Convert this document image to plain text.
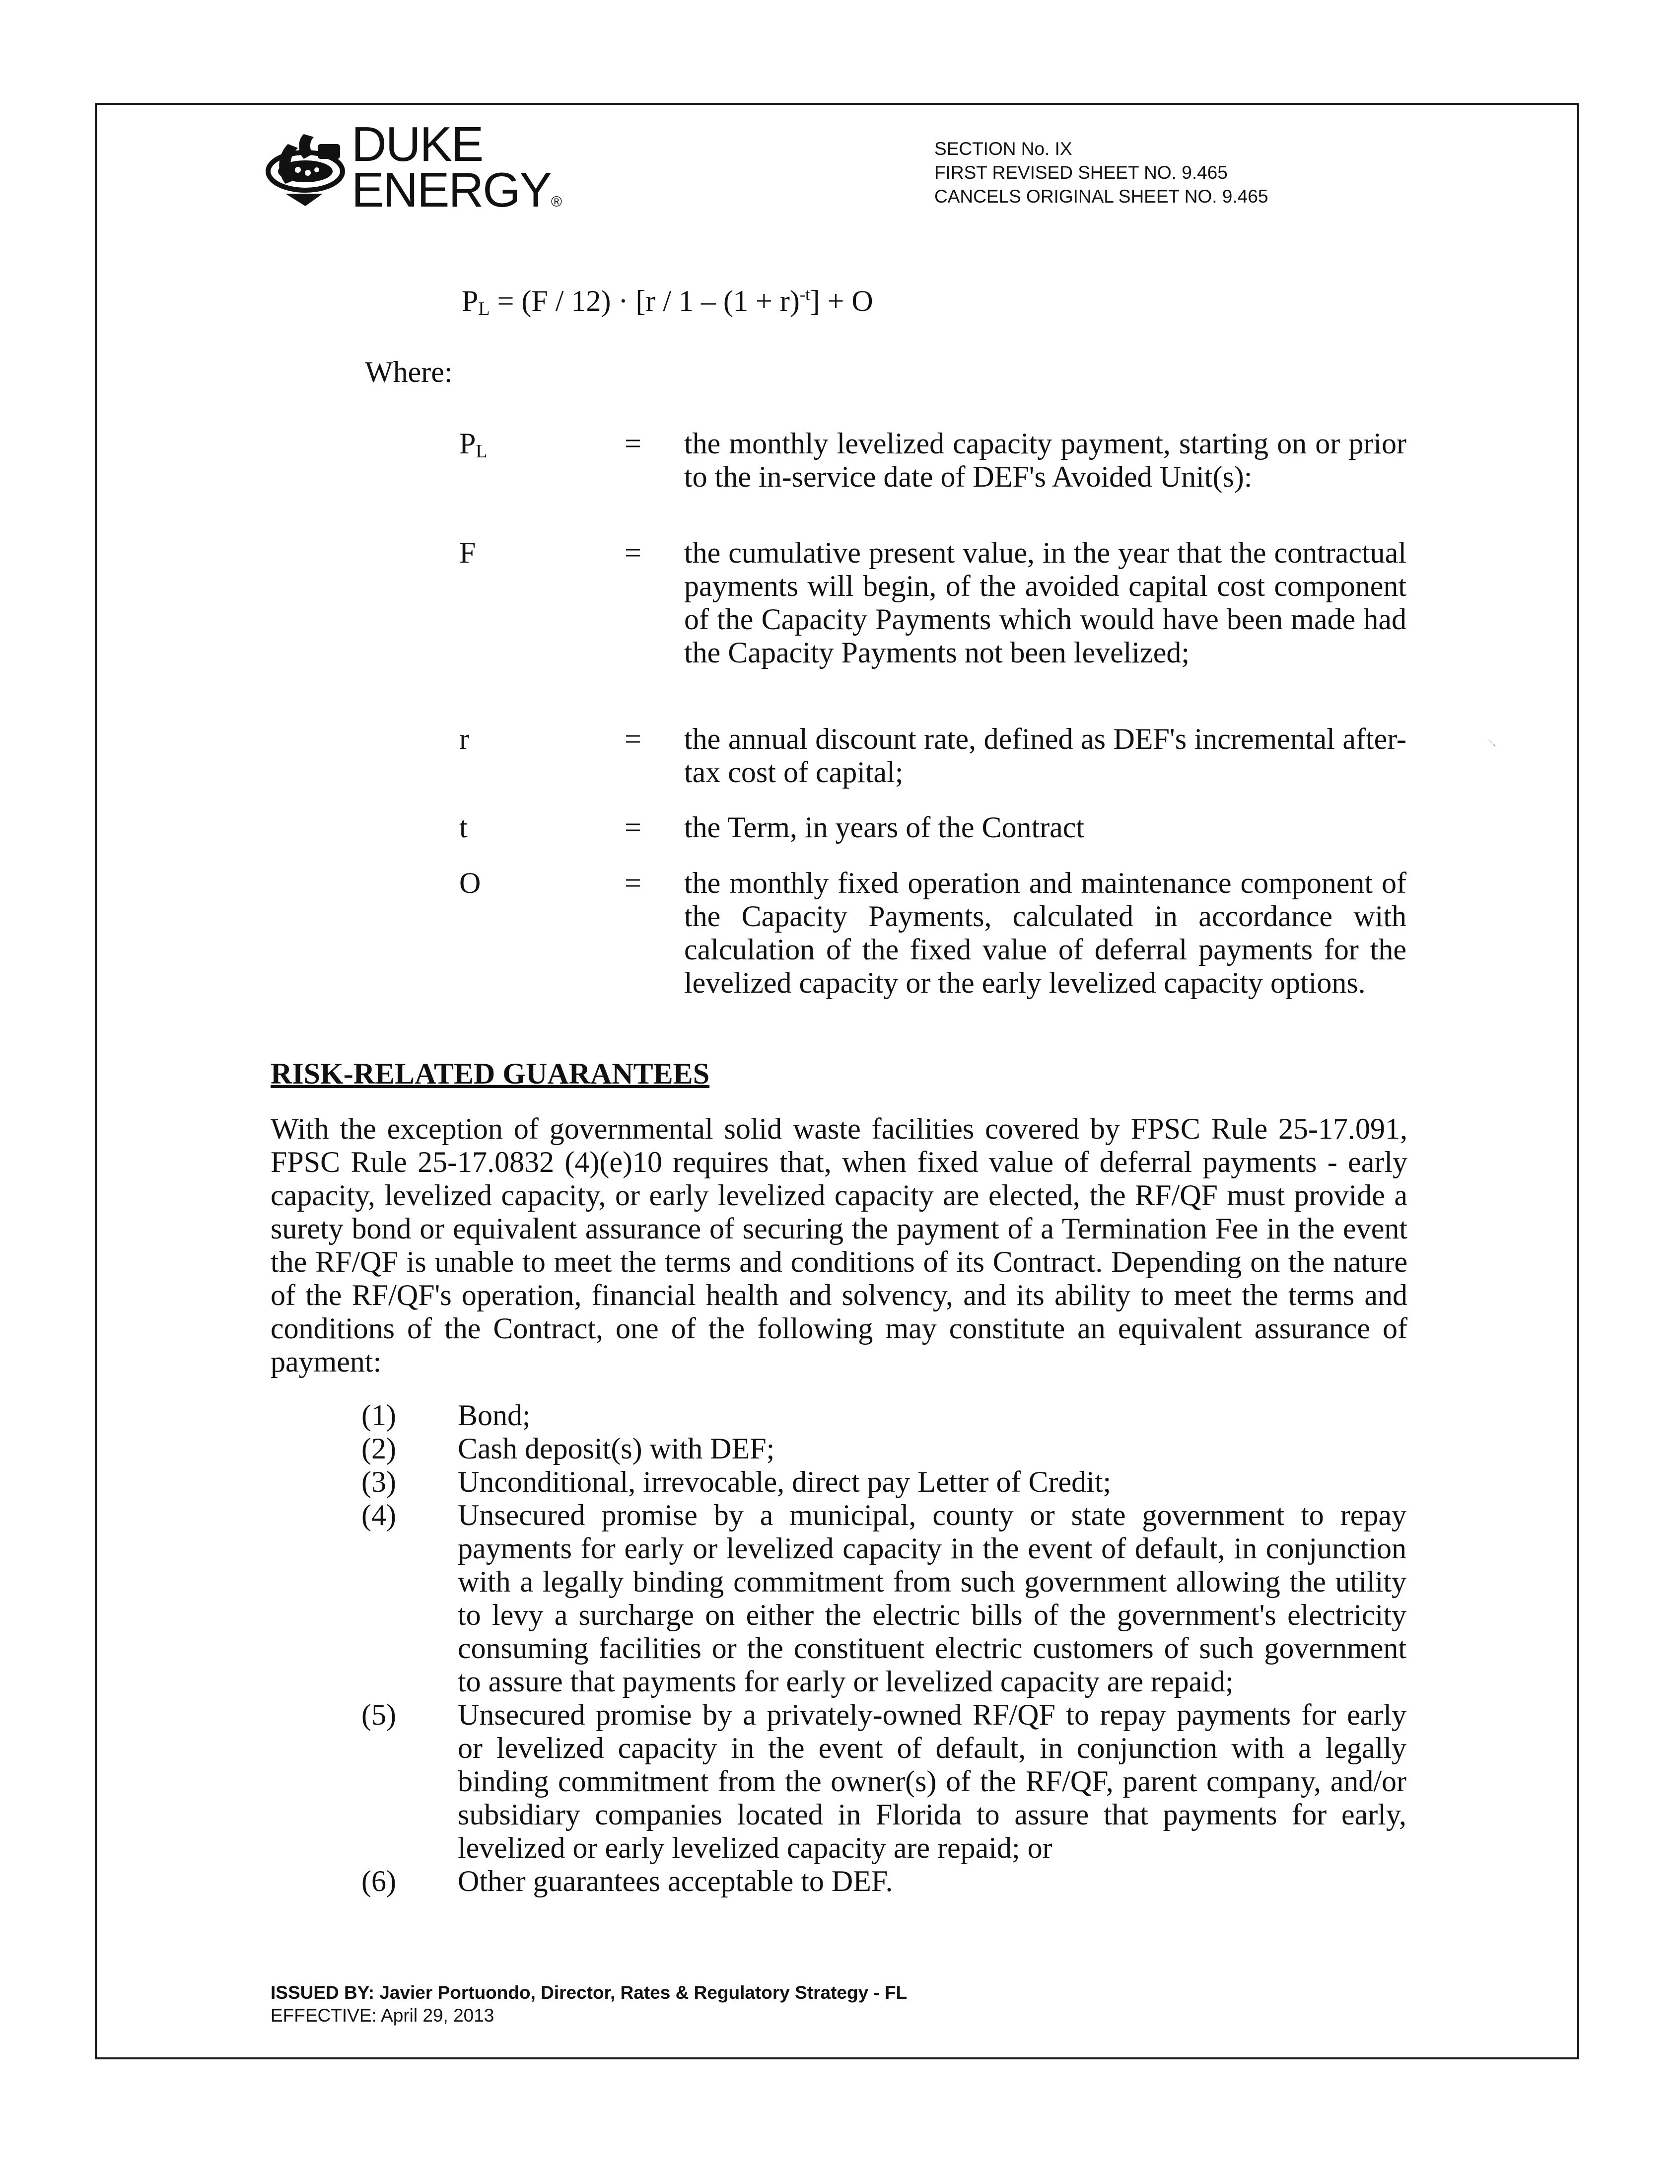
DUKE
ENERGY®
SECTION No. IX
FIRST REVISED SHEET NO. 9.465
CANCELS ORIGINAL SHEET NO. 9.465
$P_L = (F / 12) \cdot [r / 1 - (1 + r)^{-t}] + O$
Where:
$P_L$	= the monthly levelized capacity payment, starting on or prior to the in-service date of DEF's Avoided Unit(s):
F	= the cumulative present value, in the year that the contractual payments will begin, of the avoided capital cost component of the Capacity Payments which would have been made had the Capacity Payments not been levelized;
r	= the annual discount rate, defined as DEF's incremental after-tax cost of capital;
t	= the Term, in years of the Contract
O	= the monthly fixed operation and maintenance component of the Capacity Payments, calculated in accordance with calculation of the fixed value of deferral payments for the levelized capacity or the early levelized capacity options.
RISK-RELATED GUARANTEES

With the exception of governmental solid waste facilities covered by FPSC Rule 25-17.091, FPSC Rule 25-17.0832 (4)(e)10 requires that, when fixed value of deferral payments - early capacity, levelized capacity, or early levelized capacity are elected, the RF/QF must provide a surety bond or equivalent assurance of securing the payment of a Termination Fee in the event the RF/QF is unable to meet the terms and conditions of its Contract. Depending on the nature of the RF/QF's operation, financial health and solvency, and its ability to meet the terms and conditions of the Contract, one of the following may constitute an equivalent assurance of payment:

(1) Bond;
(2) Cash deposit(s) with DEF;
(3) Unconditional, irrevocable, direct pay Letter of Credit;
(4) Unsecured promise by a municipal, county or state government to repay payments for early or levelized capacity in the event of default, in conjunction with a legally binding commitment from such government allowing the utility to levy a surcharge on either the electric bills of the government's electricity consuming facilities or the constituent electric customers of such government to assure that payments for early or levelized capacity are repaid;
(5) Unsecured promise by a privately-owned RF/QF to repay payments for early or levelized capacity in the event of default, in conjunction with a legally binding commitment from the owner(s) of the RF/QF, parent company, and/or subsidiary companies located in Florida to assure that payments for early, levelized or early levelized capacity are repaid; or
(6) Other guarantees acceptable to DEF.
ISSUED BY: Javier Portuondo, Director, Rates & Regulatory Strategy - FL
EFFECTIVE: April 29, 2013
